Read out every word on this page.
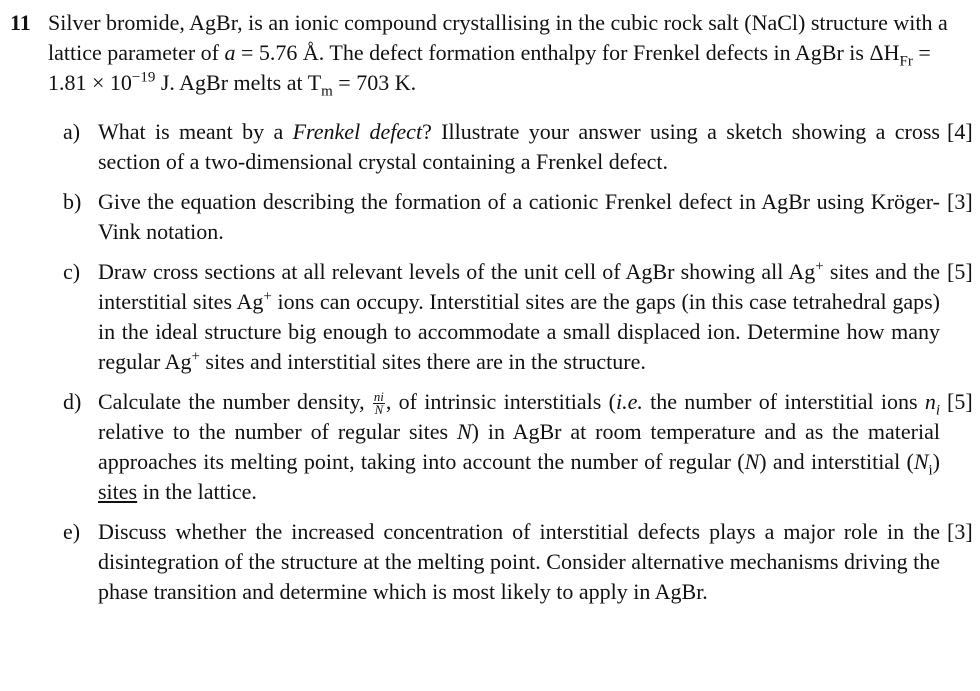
11 Silver bromide, AgBr, is an ionic compound crystallising in the cubic rock salt (NaCl) structure with a lattice parameter of a = 5.76 Å. The defect formation enthalpy for Frenkel defects in AgBr is $\Delta H_{Fr} = 1.81 \times 10^{-19}$ J. AgBr melts at $T_m = 703$ K.
a) What is meant by a Frenkel defect? Illustrate your answer using a sketch showing a cross section of a two-dimensional crystal containing a Frenkel defect.
[4]
b) Give the equation describing the formation of a cationic Frenkel defect in AgBr using Kröger-Vink notation.
[3]
c) Draw cross sections at all relevant levels of the unit cell of AgBr showing all Ag+ sites and the interstitial sites Ag+ ions can occupy. Interstitial sites are the gaps (in this case tetrahedral gaps) in the ideal structure big enough to accommodate a small displaced ion. Determine how many regular Ag+ sites and interstitial sites there are in the structure.
[5]
d) Calculate the number density, $\frac{ni}{N}$ , of intrinsic interstitials (i.e. the number of interstitial ions $n_i$ relative to the number of regular sites N) in AgBr at room temperature and as the material approaches its melting point, taking into account the number of regular (N) and interstitial $(N_i)$ sites in the lattice.
[5]
e) Discuss whether the increased concentration of interstitial defects plays a major role in the disintegration of the structure at the melting point. Consider alternative mechanisms driving the phase transition and determine which is most likely to apply in AgBr.
[3]
